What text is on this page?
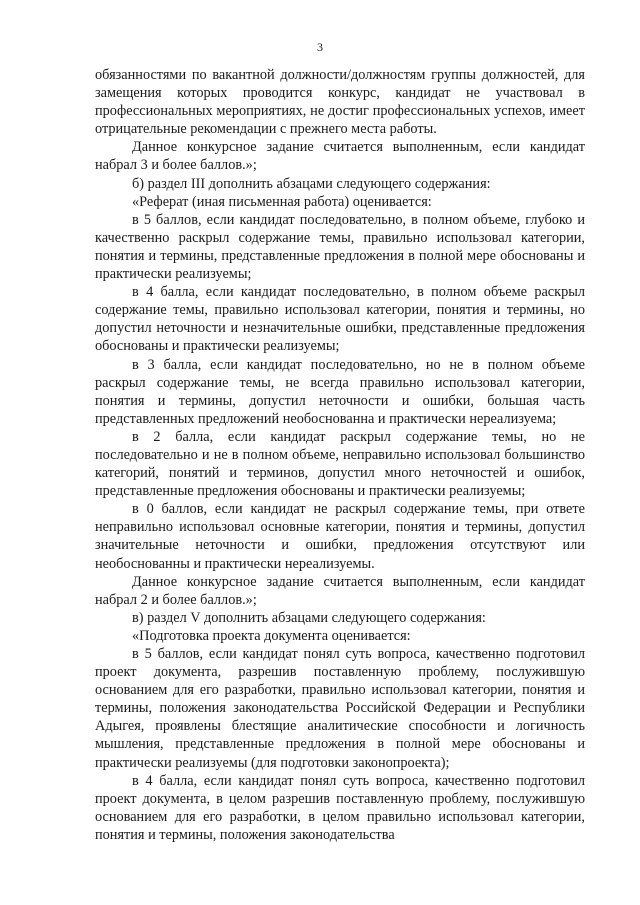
3

обязанностями по вакантной должности/должностям группы должностей, для замещения которых проводится конкурс, кандидат не участвовал в профессиональных мероприятиях, не достиг профессиональных успехов, имеет отрицательные рекомендации с прежнего места работы.

Данное конкурсное задание считается выполненным, если кандидат набрал 3 и более баллов.»;

б) раздел III дополнить абзацами следующего содержания:

«Реферат (иная письменная работа) оценивается:

в 5 баллов, если кандидат последовательно, в полном объеме, глубоко и качественно раскрыл содержание темы, правильно использовал категории, понятия и термины, представленные предложения в полной мере обоснованы и практически реализуемы;

в 4 балла, если кандидат последовательно, в полном объеме раскрыл содержание темы, правильно использовал категории, понятия и термины, но допустил неточности и незначительные ошибки, представленные предложения обоснованы и практически реализуемы;

в 3 балла, если кандидат последовательно, но не в полном объеме раскрыл содержание темы, не всегда правильно использовал категории, понятия и термины, допустил неточности и ошибки, большая часть представленных предложений необоснованна и практически нереализуема;

в 2 балла, если кандидат раскрыл содержание темы, но не последовательно и не в полном объеме, неправильно использовал большинство категорий, понятий и терминов, допустил много неточностей и ошибок, представленные предложения обоснованы и практически реализуемы;

в 0 баллов, если кандидат не раскрыл содержание темы, при ответе неправильно использовал основные категории, понятия и термины, допустил значительные неточности и ошибки, предложения отсутствуют или необоснованны и практически нереализуемы.

Данное конкурсное задание считается выполненным, если кандидат набрал 2 и более баллов.»;

в) раздел V дополнить абзацами следующего содержания:

«Подготовка проекта документа оценивается:

в 5 баллов, если кандидат понял суть вопроса, качественно подготовил проект документа, разрешив поставленную проблему, послужившую основанием для его разработки, правильно использовал категории, понятия и термины, положения законодательства Российской Федерации и Республики Адыгея, проявлены блестящие аналитические способности и логичность мышления, представленные предложения в полной мере обоснованы и практически реализуемы (для подготовки законопроекта);

в 4 балла, если кандидат понял суть вопроса, качественно подготовил проект документа, в целом разрешив поставленную проблему, послужившую основанием для его разработки, в целом правильно использовал категории, понятия и термины, положения законодательства
